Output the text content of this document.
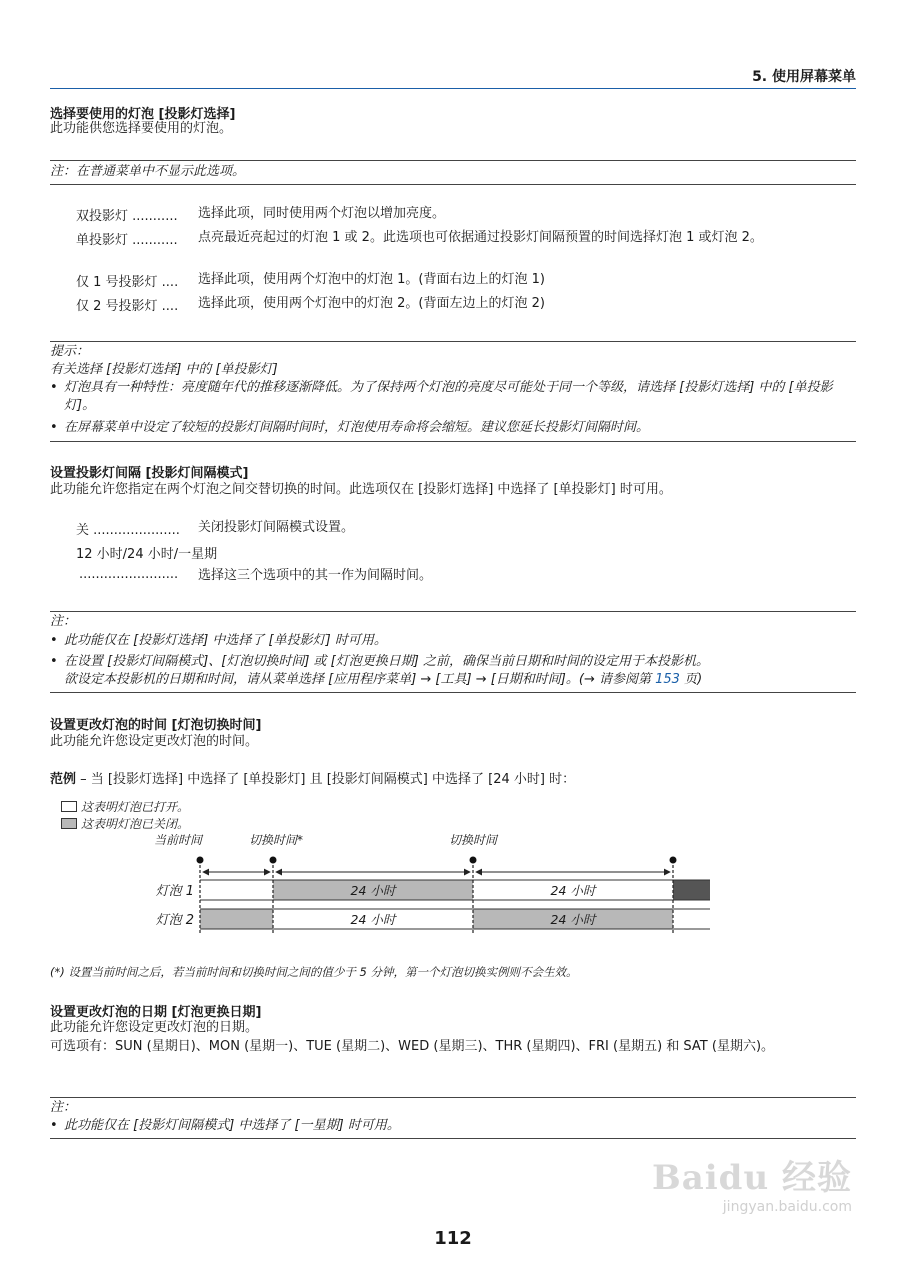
5. 使用屏幕菜单
选择要使用的灯泡 [投影灯选择]
此功能供您选择要使用的灯泡。
注：在普通菜单中不显示此选项。
双投影灯 ........... 选择此项，同时使用两个灯泡以增加亮度。
单投影灯 ........... 点亮最近亮起过的灯泡 1 或 2。此选项也可依据通过投影灯间隔预置的时间选择灯泡 1 或灯泡 2。
仅 1 号投影灯 .... 选择此项，使用两个灯泡中的灯泡 1。(背面右边上的灯泡 1)
仅 2 号投影灯 .... 选择此项，使用两个灯泡中的灯泡 2。(背面左边上的灯泡 2)
提示：
有关选择 [投影灯选择] 中的 [单投影灯]
• 灯泡具有一种特性：亮度随年代的推移逐渐降低。为了保持两个灯泡的亮度尽可能处于同一个等级，请选择 [投影灯选择] 中的 [单投影灯]。
• 在屏幕菜单中设定了较短的投影灯间隔时间时，灯泡使用寿命将会缩短。建议您延长投影灯间隔时间。
设置投影灯间隔 [投影灯间隔模式]
此功能允许您指定在两个灯泡之间交替切换的时间。此选项仅在 [投影灯选择] 中选择了 [单投影灯] 时可用。
关 ..................... 关闭投影灯间隔模式设置。
12 小时/24 小时/一星期
........................ 选择这三个选项中的其一作为间隔时间。
注：
• 此功能仅在 [投影灯选择] 中选择了 [单投影灯] 时可用。
• 在设置 [投影灯间隔模式]、[灯泡切换时间] 或 [灯泡更换日期] 之前，确保当前日期和时间的设定用于本投影机。
欲设定本投影机的日期和时间，请从菜单选择 [应用程序菜单] → [工具] → [日期和时间]。(→ 请参阅第 153 页)
设置更改灯泡的时间 [灯泡切换时间]
此功能允许您设定更改灯泡的时间。
范例 – 当 [投影灯选择] 中选择了 [单投影灯] 且 [投影灯间隔模式] 中选择了 [24 小时] 时：
这表明灯泡已打开。
这表明灯泡已关闭。
当前时间	切换时间*	切换时间
灯泡 1	24 小时	24 小时
灯泡 2	24 小时	24 小时
(*) 设置当前时间之后，若当前时间和切换时间之间的值少于 5 分钟，第一个灯泡切换实例则不会生效。
设置更改灯泡的日期 [灯泡更换日期]
此功能允许您设定更改灯泡的日期。
可选项有：SUN (星期日)、MON (星期一)、TUE (星期二)、WED (星期三)、THR (星期四)、FRI (星期五) 和 SAT (星期六)。
注：
• 此功能仅在 [投影灯间隔模式] 中选择了 [一星期] 时可用。
Baidu 经验
jingyan.baidu.com
112
